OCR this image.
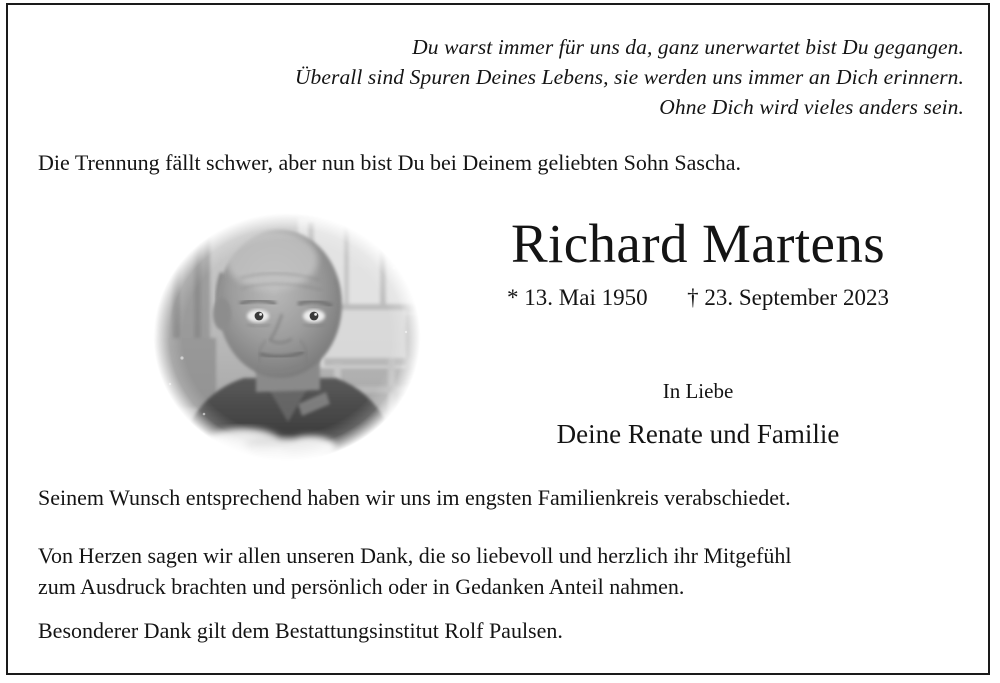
Du warst immer für uns da, ganz unerwartet bist Du gegangen.
Überall sind Spuren Deines Lebens, sie werden uns immer an Dich erinnern.
Ohne Dich wird vieles anders sein.
Die Trennung fällt schwer, aber nun bist Du bei Deinem geliebten Sohn Sascha.
Richard Martens
* 13. Mai 1950 † 23. September 2023
In Liebe
Deine Renate und Familie
Seinem Wunsch entsprechend haben wir uns im engsten Familienkreis verabschiedet.
Von Herzen sagen wir allen unseren Dank, die so liebevoll und herzlich ihr Mitgefühl
zum Ausdruck brachten und persönlich oder in Gedanken Anteil nahmen.
Besonderer Dank gilt dem Bestattungsinstitut Rolf Paulsen.
